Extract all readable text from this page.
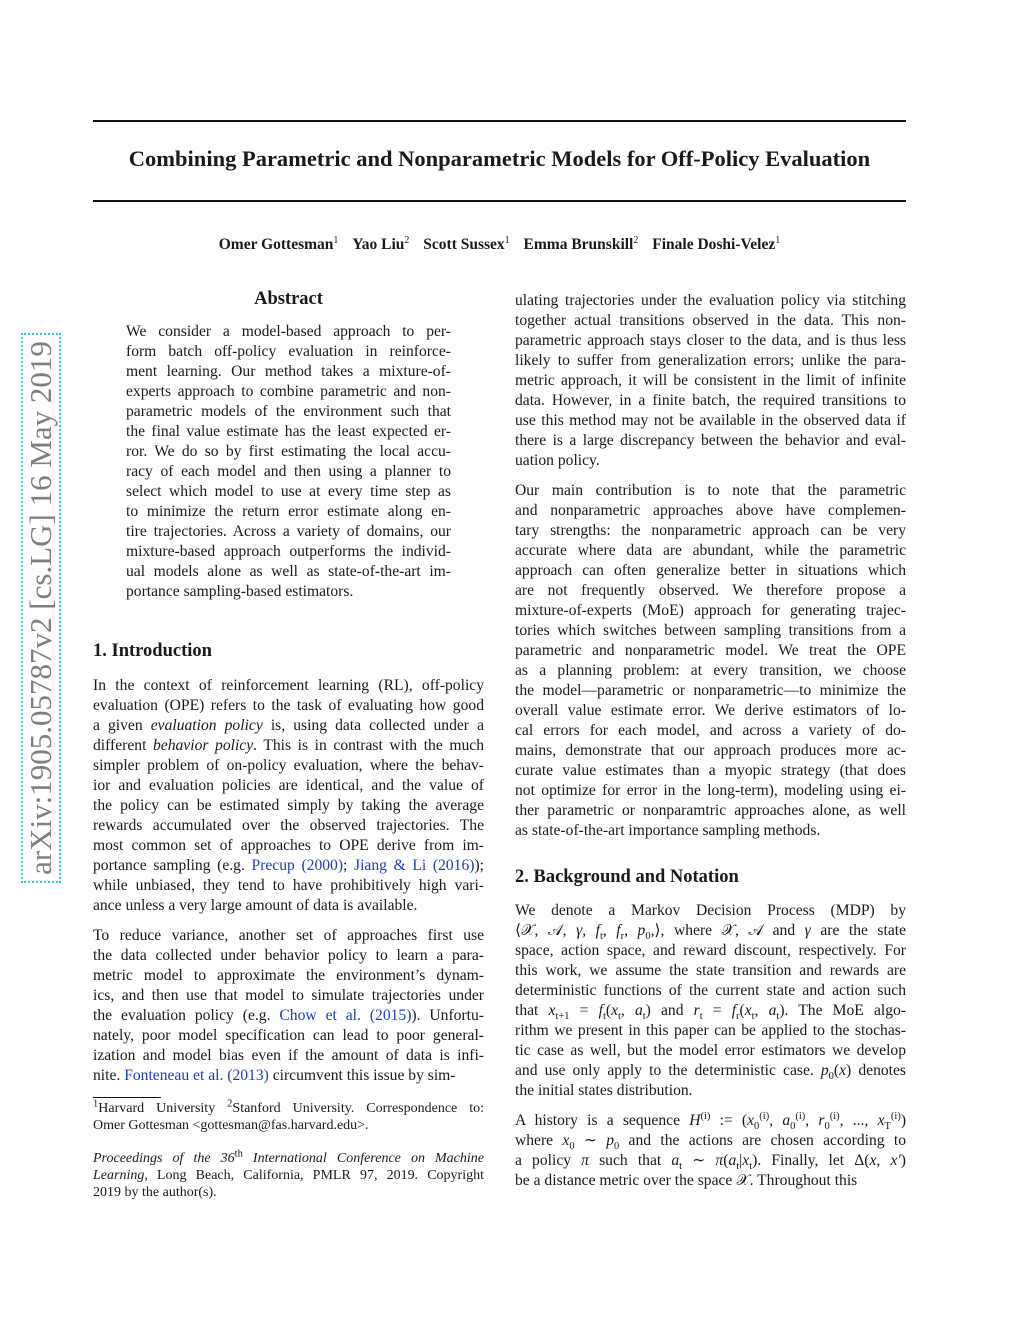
arXiv:1905.05787v2 [cs.LG] 16 May 2019
Combining Parametric and Nonparametric Models for Off-Policy Evaluation
Omer Gottesman$^1$ Yao Liu$^2$ Scott Sussex$^1$ Emma Brunskill$^2$ Finale Doshi-Velez$^1$
Abstract
We consider a model-based approach to per-
form batch off-policy evaluation in reinforce-
ment learning. Our method takes a mixture-of-
experts approach to combine parametric and non-
parametric models of the environment such that
the final value estimate has the least expected er-
ror. We do so by first estimating the local accu-
racy of each model and then using a planner to
select which model to use at every time step as
to minimize the return error estimate along en-
tire trajectories. Across a variety of domains, our
mixture-based approach outperforms the individ-
ual models alone as well as state-of-the-art im-
portance sampling-based estimators.
1. Introduction
In the context of reinforcement learning (RL), off-policy
evaluation (OPE) refers to the task of evaluating how good
a given evaluation policy is, using data collected under a
different behavior policy. This is in contrast with the much
simpler problem of on-policy evaluation, where the behav-
ior and evaluation policies are identical, and the value of
the policy can be estimated simply by taking the average
rewards accumulated over the observed trajectories. The
most common set of approaches to OPE derive from im-
portance sampling (e.g. Precup (2000); Jiang & Li (2016));
while unbiased, they tend to have prohibitively high vari-
ance unless a very large amount of data is available.
To reduce variance, another set of approaches first use
the data collected under behavior policy to learn a para-
metric model to approximate the environment’s dynam-
ics, and then use that model to simulate trajectories under
the evaluation policy (e.g. Chow et al. (2015)). Unfortu-
nately, poor model specification can lead to poor general-
ization and model bias even if the amount of data is infi-
nite. Fonteneau et al. (2013) circumvent this issue by sim-
$^1$Harvard University $^2$Stanford University. Correspondence to:
Omer Gottesman <gottesman@fas.harvard.edu>.
Proceedings of the 36th International Conference on Machine
Learning, Long Beach, California, PMLR 97, 2019. Copyright
2019 by the author(s).
ulating trajectories under the evaluation policy via stitching
together actual transitions observed in the data. This non-
parametric approach stays closer to the data, and is thus less
likely to suffer from generalization errors; unlike the para-
metric approach, it will be consistent in the limit of infinite
data. However, in a finite batch, the required transitions to
use this method may not be available in the observed data if
there is a large discrepancy between the behavior and eval-
uation policy.
Our main contribution is to note that the parametric
and nonparametric approaches above have complemen-
tary strengths: the nonparametric approach can be very
accurate where data are abundant, while the parametric
approach can often generalize better in situations which
are not frequently observed. We therefore propose a
mixture-of-experts (MoE) approach for generating trajec-
tories which switches between sampling transitions from a
parametric and nonparametric model. We treat the OPE
as a planning problem: at every transition, we choose
the model—parametric or nonparametric—to minimize the
overall value estimate error. We derive estimators of lo-
cal errors for each model, and across a variety of do-
mains, demonstrate that our approach produces more ac-
curate value estimates than a myopic strategy (that does
not optimize for error in the long-term), modeling using ei-
ther parametric or nonparamtric approaches alone, as well
as state-of-the-art importance sampling methods.
2. Background and Notation
We denote a Markov Decision Process (MDP) by
⟨𝒳, 𝒜, γ, $f_t$, $f_r$, $p_0,⟩$, where 𝒳, 𝒜 and γ are the state
space, action space, and reward discount, respectively. For
this work, we assume the state transition and rewards are
deterministic functions of the current state and action such
that $x_{t+1} = f_t(x_t$, $a_t$) and $r_t = f_r(x_t$, $a_t$). The MoE algo-
rithm we present in this paper can be applied to the stochas-
tic case as well, but the model error estimators we develop
and use only apply to the deterministic case. $p_0(x)$ denotes
the initial states distribution.
A history is a sequence $H^{(i)}$ := ($x_0^{(i)}$, $a_0^{(i)}$, $r_0^{(i)}$, ..., $x_T^{(i)}$)
where $x_0$ ∼ $p_0$ and the actions are chosen according to
a policy π such that $a_t$ ∼ $\pi(a_t|x_t)$. Finally, let Δ(x, x′)
be a distance metric over the space 𝒳. Throughout this
